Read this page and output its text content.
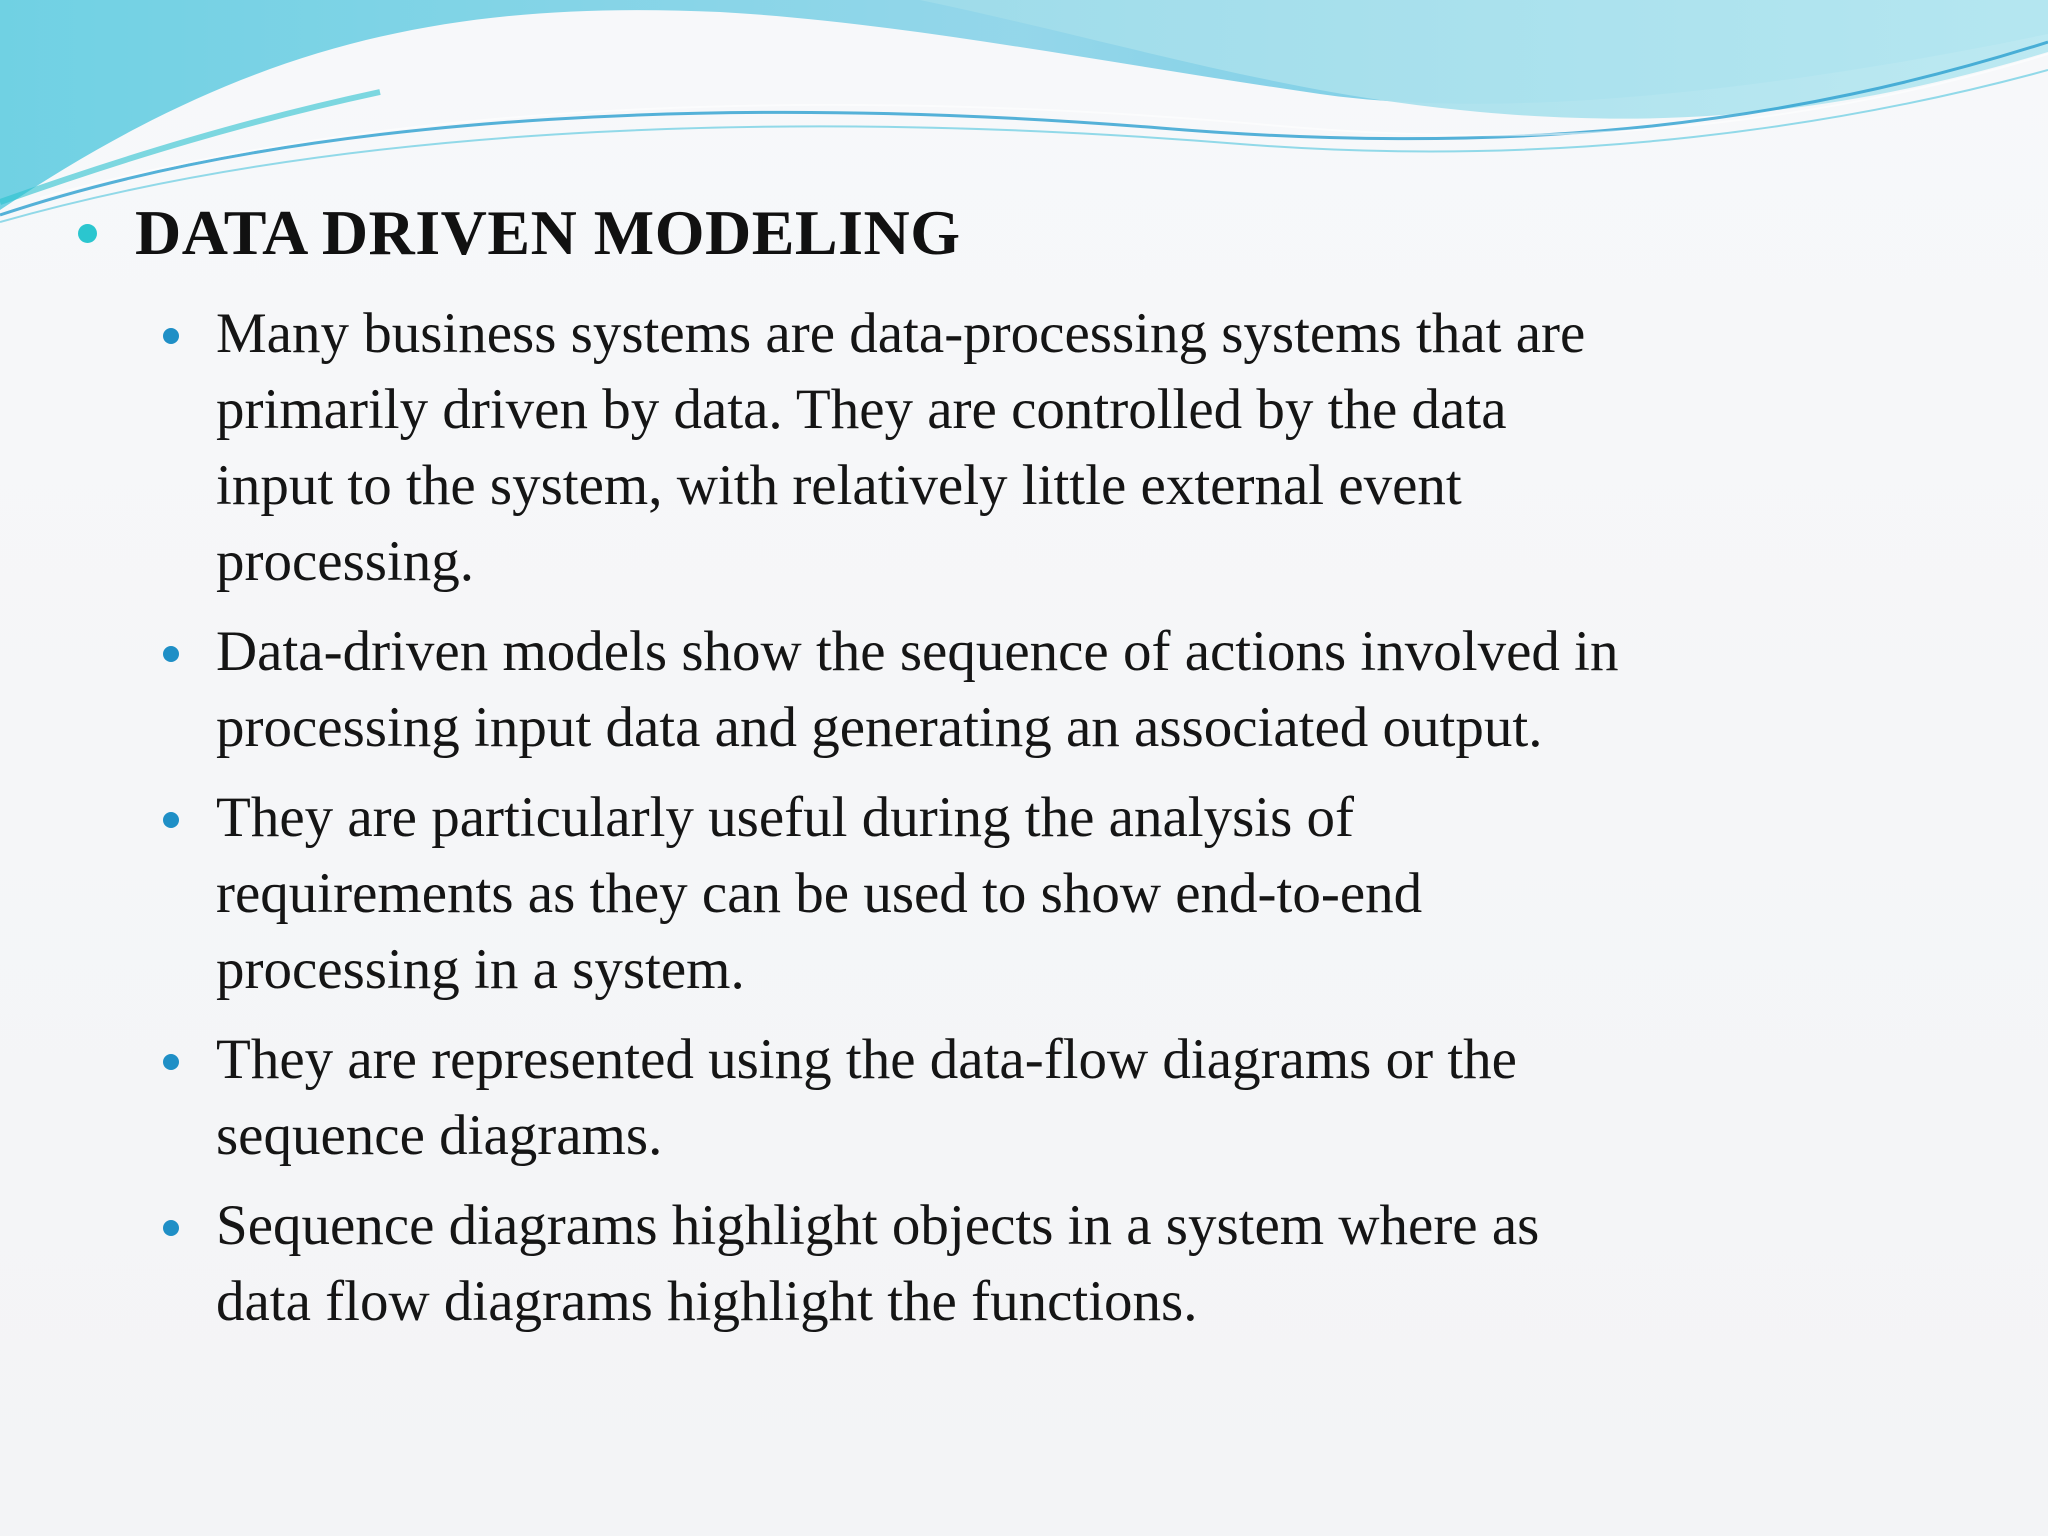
DATA DRIVEN MODELING
Many business systems are data-processing systems that are
primarily driven by data. They are controlled by the data
input to the system, with relatively little external event
processing.
Data-driven models show the sequence of actions involved in
processing input data and generating an associated output.
They are particularly useful during the analysis of
requirements as they can be used to show end-to-end
processing in a system.
They are represented using the data-flow diagrams or the
sequence diagrams.
Sequence diagrams highlight objects in a system where as
data flow diagrams highlight the functions.
